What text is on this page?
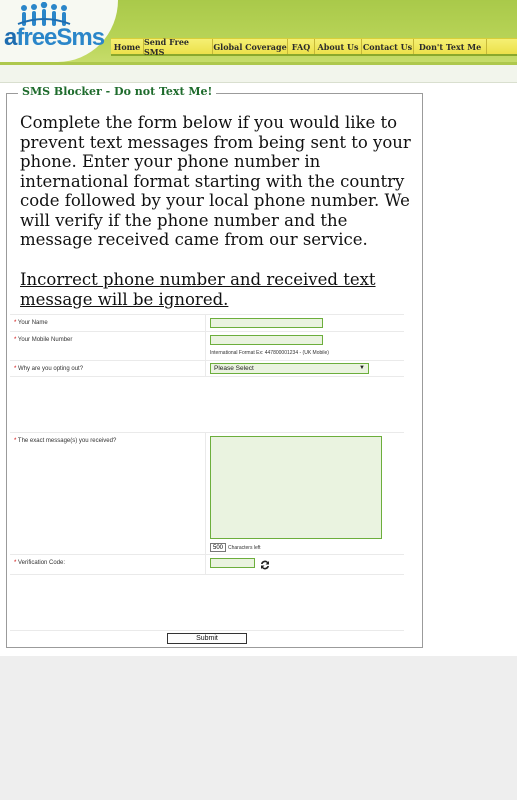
afreeSms	Home Send Free SMS	Global Coverage FAQ About Us Contact Us Don't Text Me
SMS Blocker - Do not Text Me!
Complete the form below if you would like to prevent text messages from being sent to your phone. Enter your phone number in international format starting with the country code followed by your local phone number. We will verify if the phone number and the message received came from our service.
Incorrect phone number and received text message will be ignored.
* Your Name
* Your Mobile Number
International Format Ex: 447800001234 - (UK Mobile)
* Why are you opting out?	Please Select	▼
* The exact message(s) you received?
500	Characters left
* Verification Code:
Submit
